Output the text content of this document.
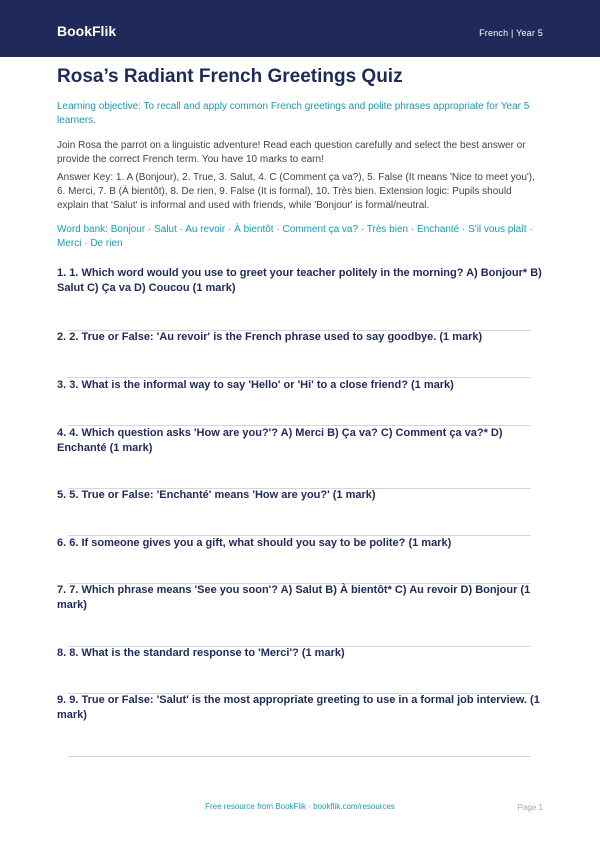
BookFlik	French | Year 5
Rosa’s Radiant French Greetings Quiz
Learning objective: To recall and apply common French greetings and polite phrases appropriate for Year 5 learners.
Join Rosa the parrot on a linguistic adventure! Read each question carefully and select the best answer or provide the correct French term. You have 10 marks to earn!
Answer Key: 1. A (Bonjour), 2. True, 3. Salut, 4. C (Comment ça va?), 5. False (It means 'Nice to meet you'), 6. Merci, 7. B (À bientôt), 8. De rien, 9. False (It is formal), 10. Très bien. Extension logic: Pupils should explain that 'Salut' is informal and used with friends, while 'Bonjour' is formal/neutral.
Word bank: Bonjour · Salut · Au revoir · À bientôt · Comment ça va? · Très bien · Enchanté · S'il vous plaît · Merci · De rien
1. 1. Which word would you use to greet your teacher politely in the morning? A) Bonjour* B) Salut C) Ça va D) Coucou (1 mark)
2. 2. True or False: 'Au revoir' is the French phrase used to say goodbye. (1 mark)
3. 3. What is the informal way to say 'Hello' or 'Hi' to a close friend? (1 mark)
4. 4. Which question asks 'How are you?'? A) Merci B) Ça va? C) Comment ça va?* D) Enchanté (1 mark)
5. 5. True or False: 'Enchanté' means 'How are you?' (1 mark)
6. 6. If someone gives you a gift, what should you say to be polite? (1 mark)
7. 7. Which phrase means 'See you soon'? A) Salut B) À bientôt* C) Au revoir D) Bonjour (1 mark)
8. 8. What is the standard response to 'Merci'? (1 mark)
9. 9. True or False: 'Salut' is the most appropriate greeting to use in a formal job interview. (1 mark)
Free resource from BookFlik · bookflik.com/resources	Page 1
